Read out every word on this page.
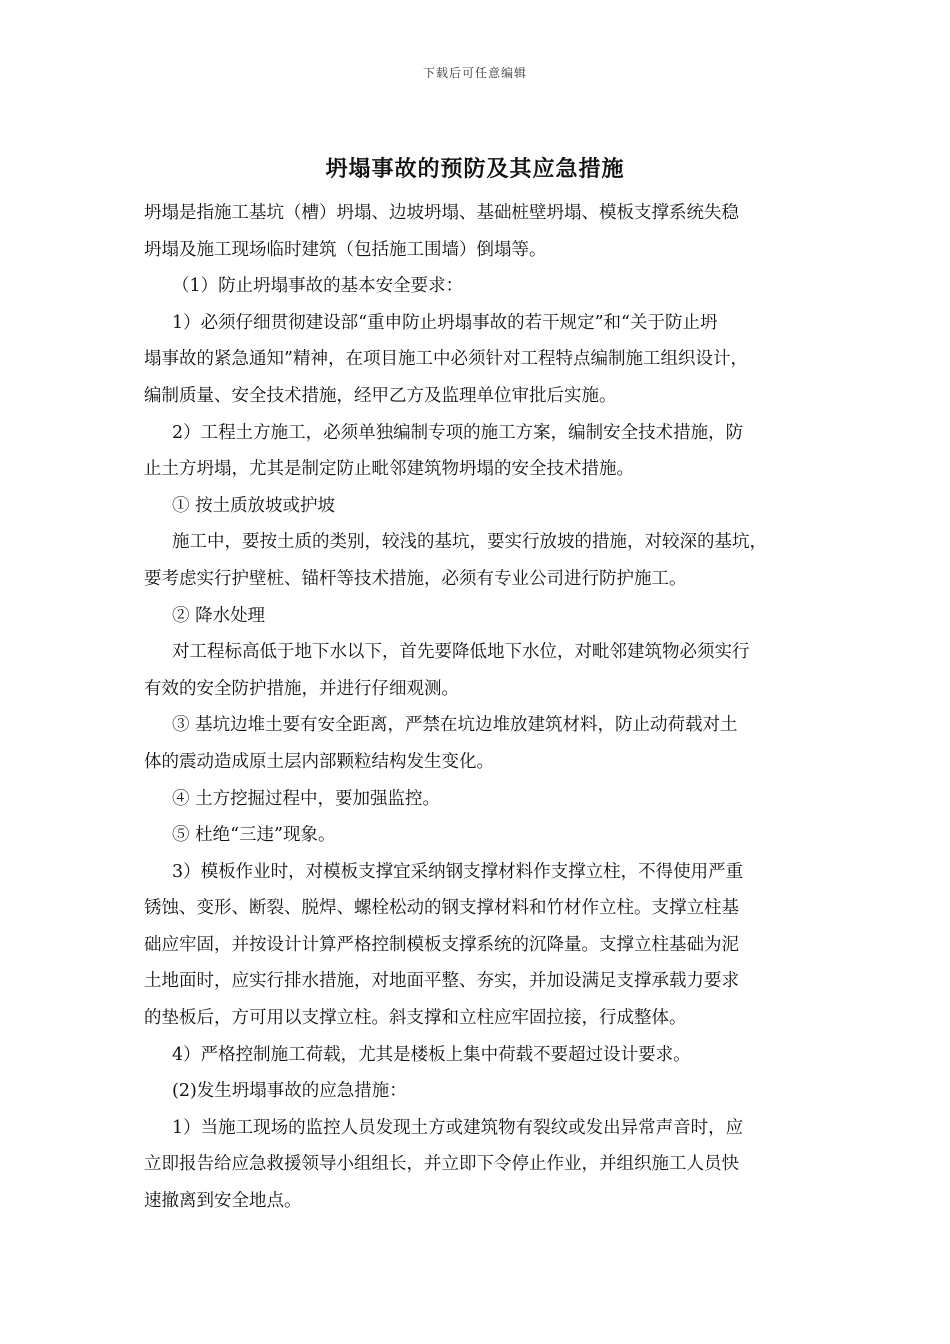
下载后可任意编辑
坍塌事故的预防及其应急措施

坍塌是指施工基坑（槽）坍塌、边坡坍塌、基础桩壁坍塌、模板支撑系统失稳

坍塌及施工现场临时建筑（包括施工围墙）倒塌等。

（1）防止坍塌事故的基本安全要求：

1）必须仔细贯彻建设部“重申防止坍塌事故的若干规定”和“关于防止坍

塌事故的紧急通知”精神，在项目施工中必须针对工程特点编制施工组织设计，

编制质量、安全技术措施，经甲乙方及监理单位审批后实施。

2）工程土方施工，必须单独编制专项的施工方案，编制安全技术措施，防

止土方坍塌，尤其是制定防止毗邻建筑物坍塌的安全技术措施。

① 按土质放坡或护坡

施工中，要按土质的类别，较浅的基坑，要实行放坡的措施，对较深的基坑，

要考虑实行护壁桩、锚杆等技术措施，必须有专业公司进行防护施工。

② 降水处理

对工程标高低于地下水以下，首先要降低地下水位，对毗邻建筑物必须实行

有效的安全防护措施，并进行仔细观测。

③ 基坑边堆土要有安全距离，严禁在坑边堆放建筑材料，防止动荷载对土

体的震动造成原土层内部颗粒结构发生变化。

④ 土方挖掘过程中，要加强监控。

⑤ 杜绝“三违”现象。

3）模板作业时，对模板支撑宜采纳钢支撑材料作支撑立柱，不得使用严重

锈蚀、变形、断裂、脱焊、螺栓松动的钢支撑材料和竹材作立柱。支撑立柱基

础应牢固，并按设计计算严格控制模板支撑系统的沉降量。支撑立柱基础为泥

土地面时，应实行排水措施，对地面平整、夯实，并加设满足支撑承载力要求

的垫板后，方可用以支撑立柱。斜支撑和立柱应牢固拉接，行成整体。

4）严格控制施工荷载，尤其是楼板上集中荷载不要超过设计要求。

(2)发生坍塌事故的应急措施：

1）当施工现场的监控人员发现土方或建筑物有裂纹或发出异常声音时，应

立即报告给应急救援领导小组组长，并立即下令停止作业，并组织施工人员快

速撤离到安全地点。
